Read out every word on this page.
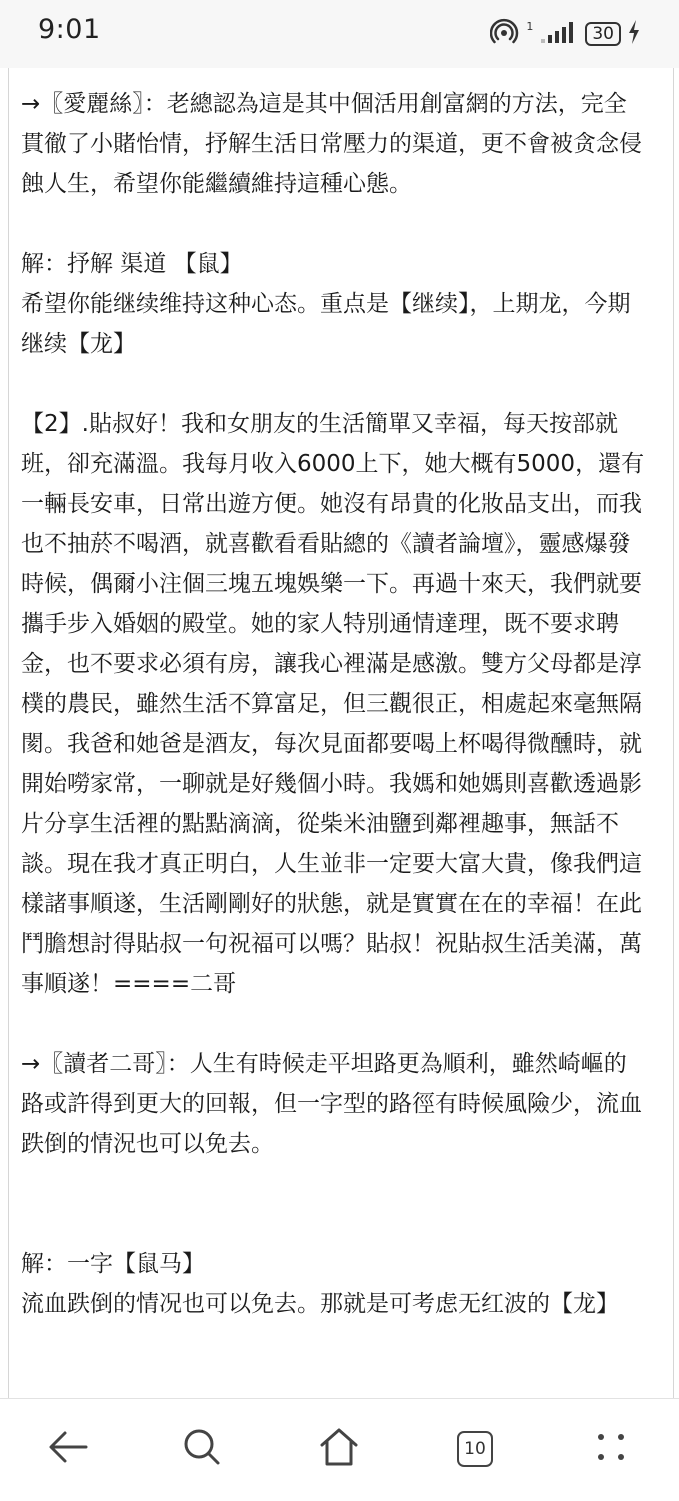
9:01	1	30

→〖愛麗絲〗：老總認為這是其中個活用創富網的方法，完全貫徹了小賭怡情，抒解生活日常壓力的渠道，更不會被贪念侵蝕人生，希望你能繼續維持這種心態。

解：抒解 渠道 【鼠】

希望你能继续维持这种心态。重点是【继续】，上期龙，今期继续【龙】

【2】.貼叔好！我和女朋友的生活簡單又幸福，每天按部就班，卻充滿溫。我每月收入6000上下，她大概有5000，還有一輛長安車，日常出遊方便。她沒有昂貴的化妝品支出，而我也不抽菸不喝酒，就喜歡看看貼總的《讀者論壇》，靈感爆發時候，偶爾小注個三塊五塊娛樂一下。再過十來天，我們就要攜手步入婚姻的殿堂。她的家人特別通情達理，既不要求聘金，也不要求必須有房，讓我心裡滿是感激。雙方父母都是淳樸的農民，雖然生活不算富足，但三觀很正，相處起來毫無隔閡。我爸和她爸是酒友，每次見面都要喝上杯喝得微醺時，就開始嘮家常，一聊就是好幾個小時。我媽和她媽則喜歡透過影片分享生活裡的點點滴滴，從柴米油鹽到鄰裡趣事，無話不談。現在我才真正明白，人生並非一定要大富大貴，像我們這樣諸事順遂，生活剛剛好的狀態，就是實實在在的幸福！在此鬥膽想討得貼叔一句祝福可以嗎？貼叔！祝貼叔生活美滿，萬事順遂！====二哥

→〖讀者二哥〗：人生有時候走平坦路更為順利，雖然崎嶇的路或許得到更大的回報，但一字型的路徑有時候風險少，流血跌倒的情況也可以免去。

解：一字【鼠马】

流血跌倒的情况也可以免去。那就是可考虑无红波的【龙】

10
